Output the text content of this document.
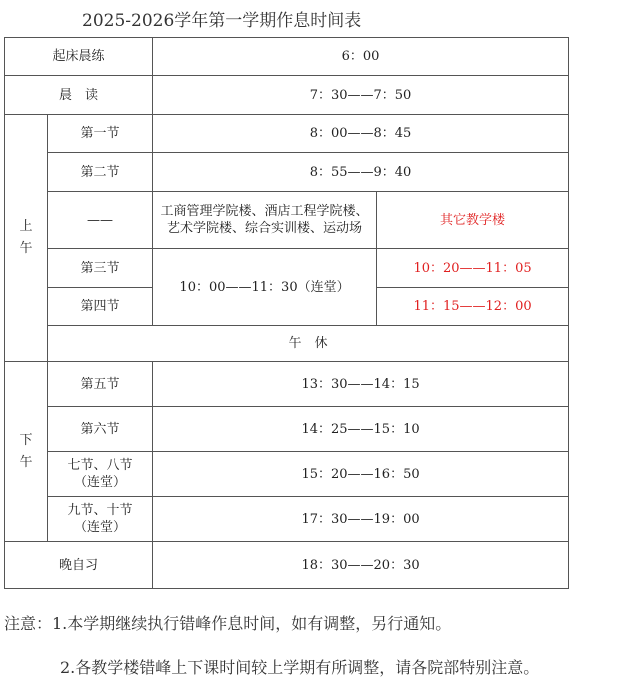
2025-2026学年第一学期作息时间表
起床晨练		6：00	
晨　读		7：30——7：50	
上
午	第一节	8：00——8：45	
	第二节	8：55——9：40	
	——	工商管理学院楼、酒店工程学院楼、艺术学院楼、综合实训楼、运动场	其它教学楼
	第三节	10：00——11：30（连堂）	10：20——11：05
	第四节		11：15——12：00
	午　休		
下
午	第五节	13：30——14：15	
	第六节	14：25——15：10	
	七节、八节
（连堂）	15：20——16：50	
	九节、十节
（连堂）	17：30——19：00	
晚自习		18：30——20：30	
注意：1.本学期继续执行错峰作息时间，如有调整，另行通知。
2.各教学楼错峰上下课时间较上学期有所调整，请各院部特别注意。
